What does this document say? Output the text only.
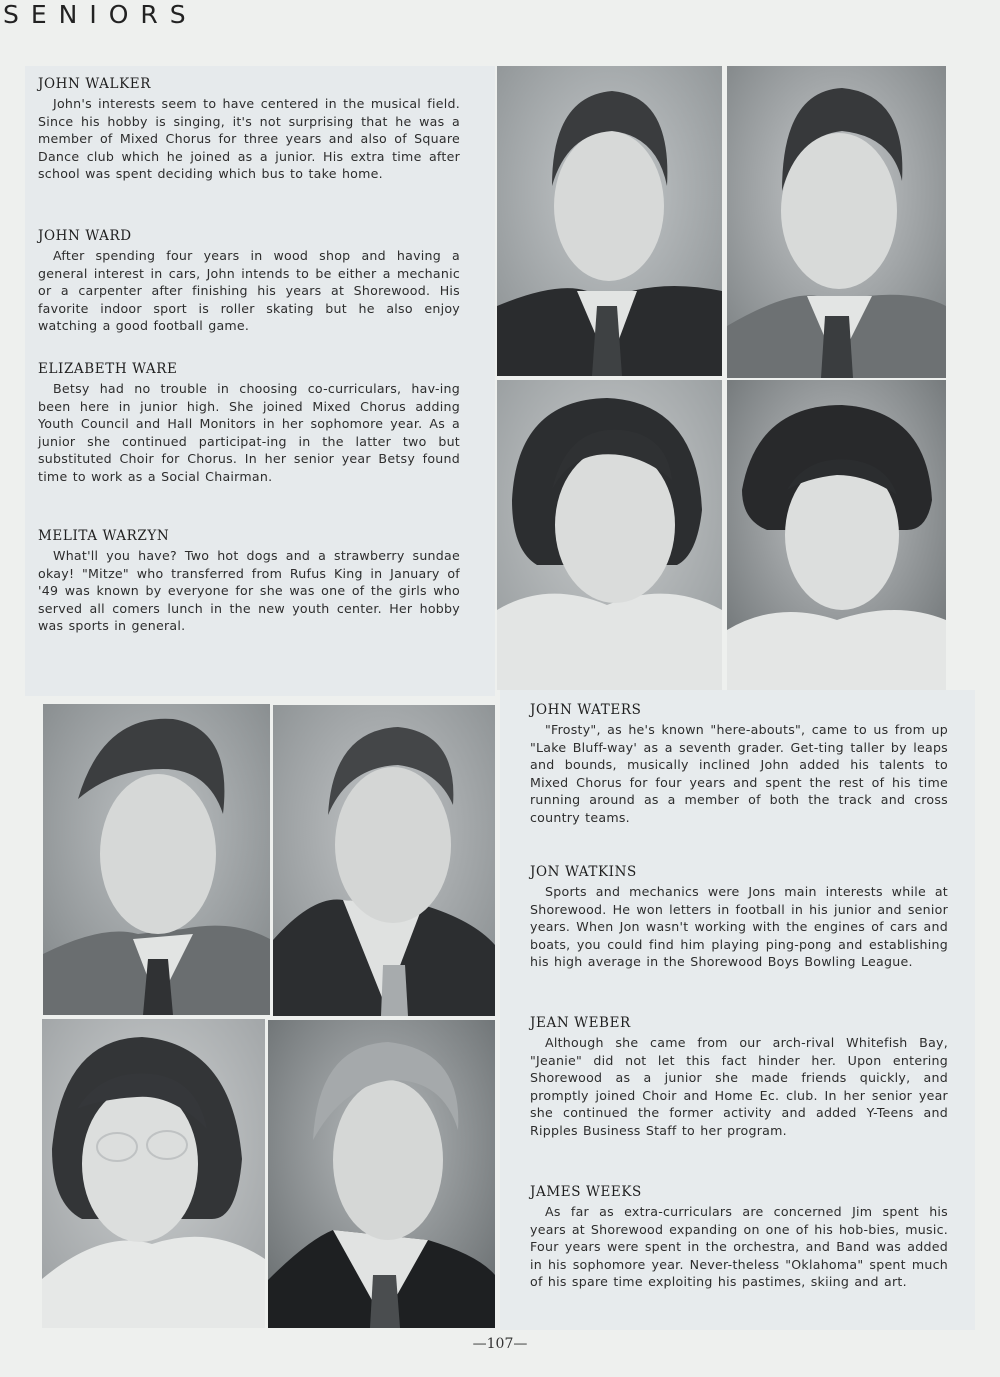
SENIORS
JOHN WALKER

John's interests seem to have centered in the musical field. Since his hobby is singing, it's not surprising that he was a member of Mixed Chorus for three years and also of Square Dance club which he joined as a junior. His extra time after school was spent deciding which bus to take home.

JOHN WARD

After spending four years in wood shop and having a general interest in cars, John intends to be either a mechanic or a carpenter after finishing his years at Shorewood. His favorite indoor sport is roller skating but he also enjoy watching a good football game.

ELIZABETH WARE

Betsy had no trouble in choosing co-curriculars, hav-ing been here in junior high. She joined Mixed Chorus adding Youth Council and Hall Monitors in her sophomore year. As a junior she continued participat-ing in the latter two but substituted Choir for Chorus. In her senior year Betsy found time to work as a Social Chairman.

MELITA WARZYN

What'll you have? Two hot dogs and a strawberry sundae okay! "Mitze" who transferred from Rufus King in January of '49 was known by everyone for she was one of the girls who served all comers lunch in the new youth center. Her hobby was sports in general.

JOHN WATERS

"Frosty", as he's known "here-abouts", came to us from up "Lake Bluff-way' as a seventh grader. Get-ting taller by leaps and bounds, musically inclined John added his talents to Mixed Chorus for four years and spent the rest of his time running around as a member of both the track and cross country teams.

JON WATKINS

Sports and mechanics were Jons main interests while at Shorewood. He won letters in football in his junior and senior years. When Jon wasn't working with the engines of cars and boats, you could find him playing ping-pong and establishing his high average in the Shorewood Boys Bowling League.

JEAN WEBER

Although she came from our arch-rival Whitefish Bay, "Jeanie" did not let this fact hinder her. Upon entering Shorewood as a junior she made friends quickly, and promptly joined Choir and Home Ec. club. In her senior year she continued the former activity and added Y-Teens and Ripples Business Staff to her program.

JAMES WEEKS

As far as extra-curriculars are concerned Jim spent his years at Shorewood expanding on one of his hob-bies, music. Four years were spent in the orchestra, and Band was added in his sophomore year. Never-theless "Oklahoma" spent much of his spare time exploiting his pastimes, skiing and art.

—107—
